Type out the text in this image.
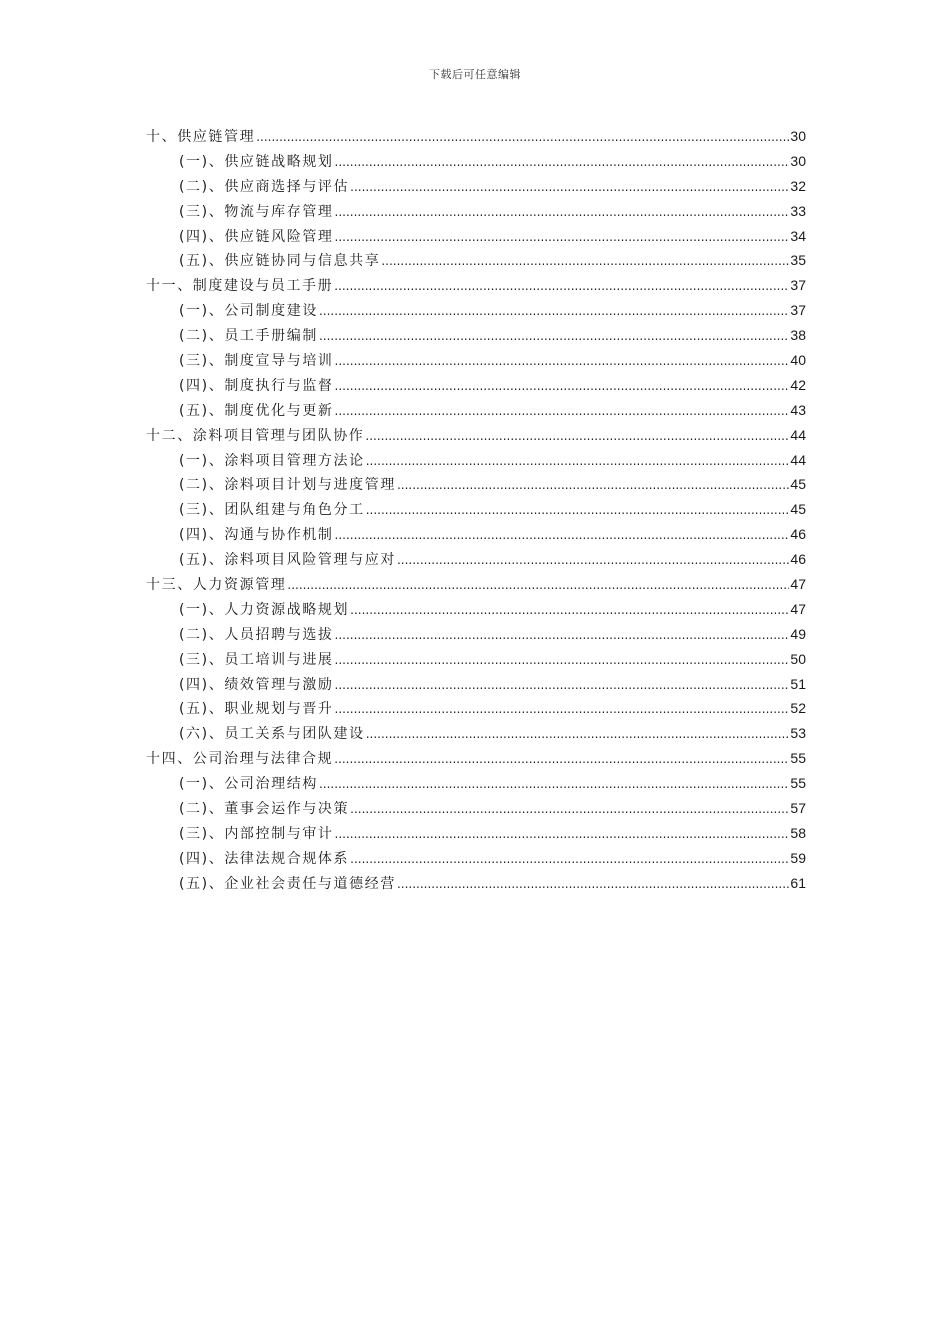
下载后可任意编辑
十、供应链管理 .....	30
(一)、供应链战略规划 .....	30
(二)、供应商选择与评估 .....	32
(三)、物流与库存管理 .....	33
(四)、供应链风险管理 .....	34
(五)、供应链协同与信息共享 .....	35
十一、制度建设与员工手册 .....	37
(一)、公司制度建设 .....	37
(二)、员工手册编制 .....	38
(三)、制度宣导与培训 .....	40
(四)、制度执行与监督 .....	42
(五)、制度优化与更新 .....	43
十二、涂料项目管理与团队协作 .....	44
(一)、涂料项目管理方法论 .....	44
(二)、涂料项目计划与进度管理 .....	45
(三)、团队组建与角色分工 .....	45
(四)、沟通与协作机制 .....	46
(五)、涂料项目风险管理与应对 .....	46
十三、人力资源管理 .....	47
(一)、人力资源战略规划 .....	47
(二)、人员招聘与选拔 .....	49
(三)、员工培训与进展 .....	50
(四)、绩效管理与激励 .....	51
(五)、职业规划与晋升 .....	52
(六)、员工关系与团队建设 .....	53
十四、公司治理与法律合规 .....	55
(一)、公司治理结构 .....	55
(二)、董事会运作与决策 .....	57
(三)、内部控制与审计 .....	58
(四)、法律法规合规体系 .....	59
(五)、企业社会责任与道德经营 .....	61
